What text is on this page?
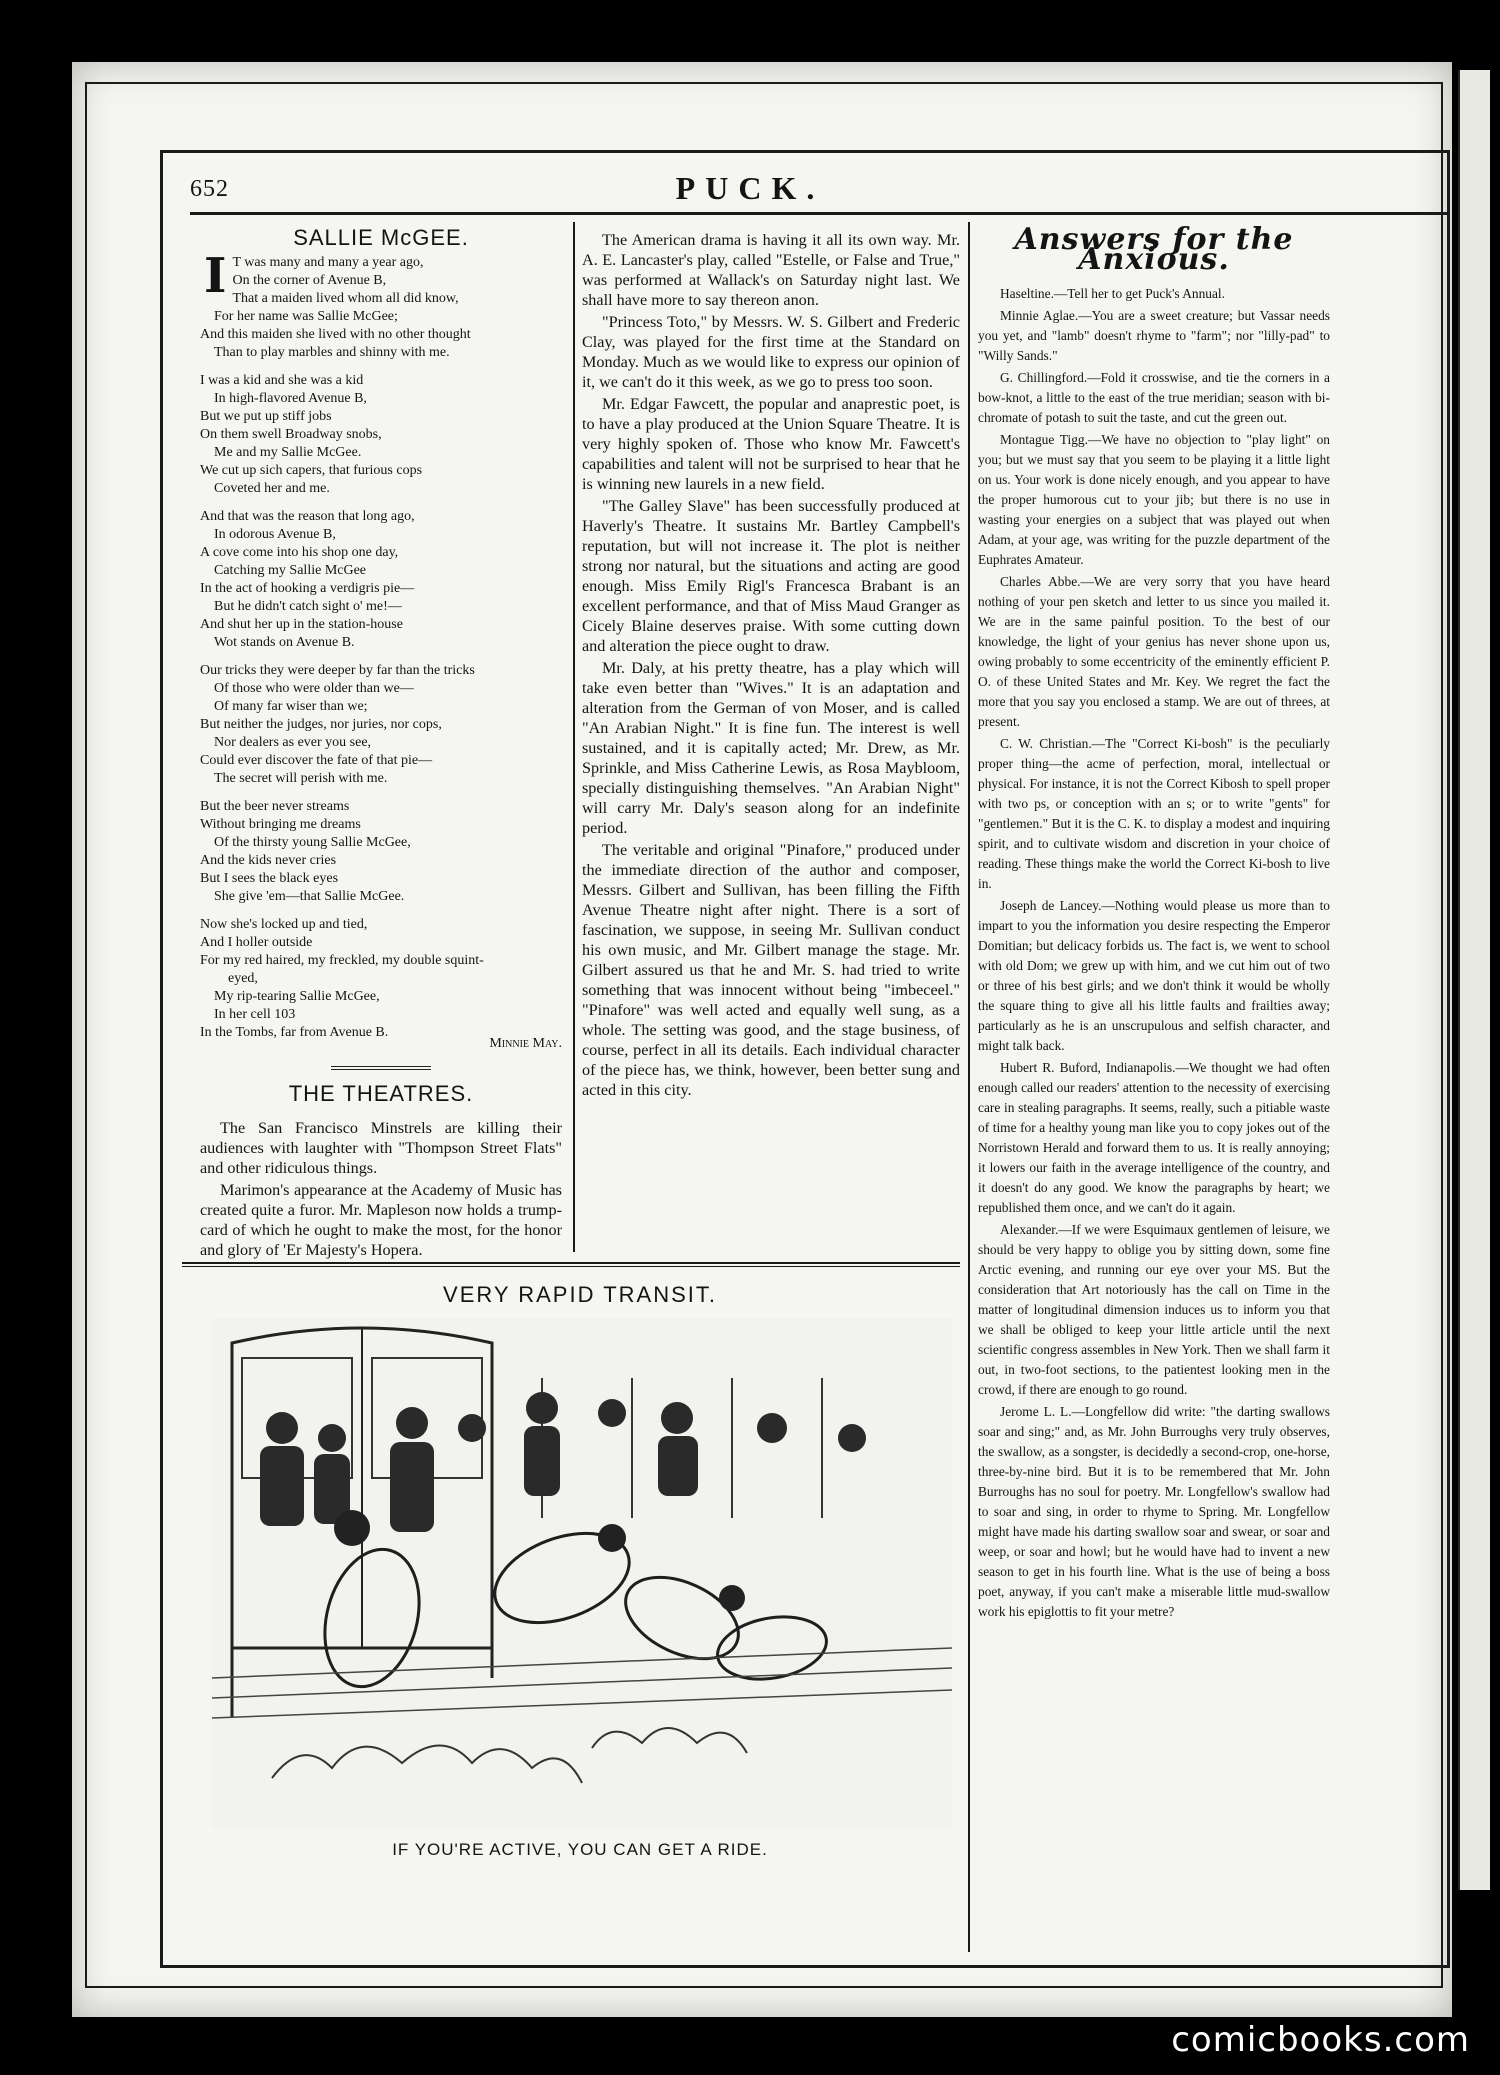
652	PUCK.
SALLIE McGEE.
I T was many and many a year ago,
On the corner of Avenue B,
That a maiden lived whom all did know,
For her name was Sallie McGee;
And this maiden she lived with no other thought
Than to play marbles and shinny with me.
I was a kid and she was a kid
In high-flavored Avenue B,
But we put up stiff jobs
On them swell Broadway snobs,
Me and my Sallie McGee.
We cut up sich capers, that furious cops
Coveted her and me.
And that was the reason that long ago,
In odorous Avenue B,
A cove come into his shop one day,
Catching my Sallie McGee
In the act of hooking a verdigris pie—
But he didn't catch sight o' me!—
And shut her up in the station-house
Wot stands on Avenue B.
Our tricks they were deeper by far than the tricks
Of those who were older than we—
Of many far wiser than we;
But neither the judges, nor juries, nor cops,
Nor dealers as ever you see,
Could ever discover the fate of that pie—
The secret will perish with me.
But the beer never streams
Without bringing me dreams
Of the thirsty young Sallie McGee,
And the kids never cries
But I sees the black eyes
She give 'em—that Sallie McGee.
Now she's locked up and tied,
And I holler outside
For my red haired, my freckled, my double squint-
eyed,
My rip-tearing Sallie McGee,
In her cell 103
In the Tombs, far from Avenue B.
Minnie May.
THE THEATRES.

The San Francisco Minstrels are killing their audiences with laughter with "Thompson Street Flats" and other ridiculous things.

Marimon's appearance at the Academy of Music has created quite a furor. Mr. Mapleson now holds a trump-card of which he ought to make the most, for the honor and glory of 'Er Majesty's Hopera.

The American drama is having it all its own way. Mr. A. E. Lancaster's play, called "Estelle, or False and True," was performed at Wallack's on Saturday night last. We shall have more to say thereon anon.

"Princess Toto," by Messrs. W. S. Gilbert and Frederic Clay, was played for the first time at the Standard on Monday. Much as we would like to express our opinion of it, we can't do it this week, as we go to press too soon.

Mr. Edgar Fawcett, the popular and anaprestic poet, is to have a play produced at the Union Square Theatre. It is very highly spoken of. Those who know Mr. Fawcett's capabilities and talent will not be surprised to hear that he is winning new laurels in a new field.

"The Galley Slave" has been successfully produced at Haverly's Theatre. It sustains Mr. Bartley Campbell's reputation, but will not increase it. The plot is neither strong nor natural, but the situations and acting are good enough. Miss Emily Rigl's Francesca Brabant is an excellent performance, and that of Miss Maud Granger as Cicely Blaine deserves praise. With some cutting down and alteration the piece ought to draw.

Mr. Daly, at his pretty theatre, has a play which will take even better than "Wives." It is an adaptation and alteration from the German of von Moser, and is called "An Arabian Night." It is fine fun. The interest is well sustained, and it is capitally acted; Mr. Drew, as Mr. Sprinkle, and Miss Catherine Lewis, as Rosa Maybloom, specially distinguishing themselves. "An Arabian Night" will carry Mr. Daly's season along for an indefinite period.

The veritable and original "Pinafore," produced under the immediate direction of the author and composer, Messrs. Gilbert and Sullivan, has been filling the Fifth Avenue Theatre night after night. There is a sort of fascination, we suppose, in seeing Mr. Sullivan conduct his own music, and Mr. Gilbert manage the stage. Mr. Gilbert assured us that he and Mr. S. had tried to write something that was innocent without being "imbeceel." "Pinafore" was well acted and equally well sung, as a whole. The setting was good, and the stage business, of course, perfect in all its details. Each individual character of the piece has, we think, however, been better sung and acted in this city.

Answers for the Anxious.

Haseltine.—Tell her to get Puck's Annual.

Minnie Aglae.—You are a sweet creature; but Vassar needs you yet, and "lamb" doesn't rhyme to "farm"; nor "lilly-pad" to "Willy Sands."

G. Chillingford.—Fold it crosswise, and tie the corners in a bow-knot, a little to the east of the true meridian; season with bi-chromate of potash to suit the taste, and cut the green out.

Montague Tigg.—We have no objection to "play light" on you; but we must say that you seem to be playing it a little light on us. Your work is done nicely enough, and you appear to have the proper humorous cut to your jib; but there is no use in wasting your energies on a subject that was played out when Adam, at your age, was writing for the puzzle department of the Euphrates Amateur.

Charles Abbe.—We are very sorry that you have heard nothing of your pen sketch and letter to us since you mailed it. We are in the same painful position. To the best of our knowledge, the light of your genius has never shone upon us, owing probably to some eccentricity of the eminently efficient P. O. of these United States and Mr. Key. We regret the fact the more that you say you enclosed a stamp. We are out of threes, at present.

C. W. Christian.—The "Correct Ki-bosh" is the peculiarly proper thing—the acme of perfection, moral, intellectual or physical. For instance, it is not the Correct Kibosh to spell proper with two ps, or conception with an s; or to write "gents" for "gentlemen." But it is the C. K. to display a modest and inquiring spirit, and to cultivate wisdom and discretion in your choice of reading. These things make the world the Correct Ki-bosh to live in.

Joseph de Lancey.—Nothing would please us more than to impart to you the information you desire respecting the Emperor Domitian; but delicacy forbids us. The fact is, we went to school with old Dom; we grew up with him, and we cut him out of two or three of his best girls; and we don't think it would be wholly the square thing to give all his little faults and frailties away; particularly as he is an unscrupulous and selfish character, and might talk back.

Hubert R. Buford, Indianapolis.—We thought we had often enough called our readers' attention to the necessity of exercising care in stealing paragraphs. It seems, really, such a pitiable waste of time for a healthy young man like you to copy jokes out of the Norristown Herald and forward them to us. It is really annoying; it lowers our faith in the average intelligence of the country, and it doesn't do any good. We know the paragraphs by heart; we republished them once, and we can't do it again.

Alexander.—If we were Esquimaux gentlemen of leisure, we should be very happy to oblige you by sitting down, some fine Arctic evening, and running our eye over your MS. But the consideration that Art notoriously has the call on Time in the matter of longitudinal dimension induces us to inform you that we shall be obliged to keep your little article until the next scientific congress assembles in New York. Then we shall farm it out, in two-foot sections, to the patientest looking men in the crowd, if there are enough to go round.

Jerome L. L.—Longfellow did write: "the darting swallows soar and sing;" and, as Mr. John Burroughs very truly observes, the swallow, as a songster, is decidedly a second-crop, one-horse, three-by-nine bird. But it is to be remembered that Mr. John Burroughs has no soul for poetry. Mr. Longfellow's swallow had to soar and sing, in order to rhyme to Spring. Mr. Longfellow might have made his darting swallow soar and swear, or soar and weep, or soar and howl; but he would have had to invent a new season to get in his fourth line. What is the use of being a boss poet, anyway, if you can't make a miserable little mud-swallow work his epiglottis to fit your metre?

VERY RAPID TRANSIT.
IF YOU'RE ACTIVE, YOU CAN GET A RIDE.
comicbooks.com
